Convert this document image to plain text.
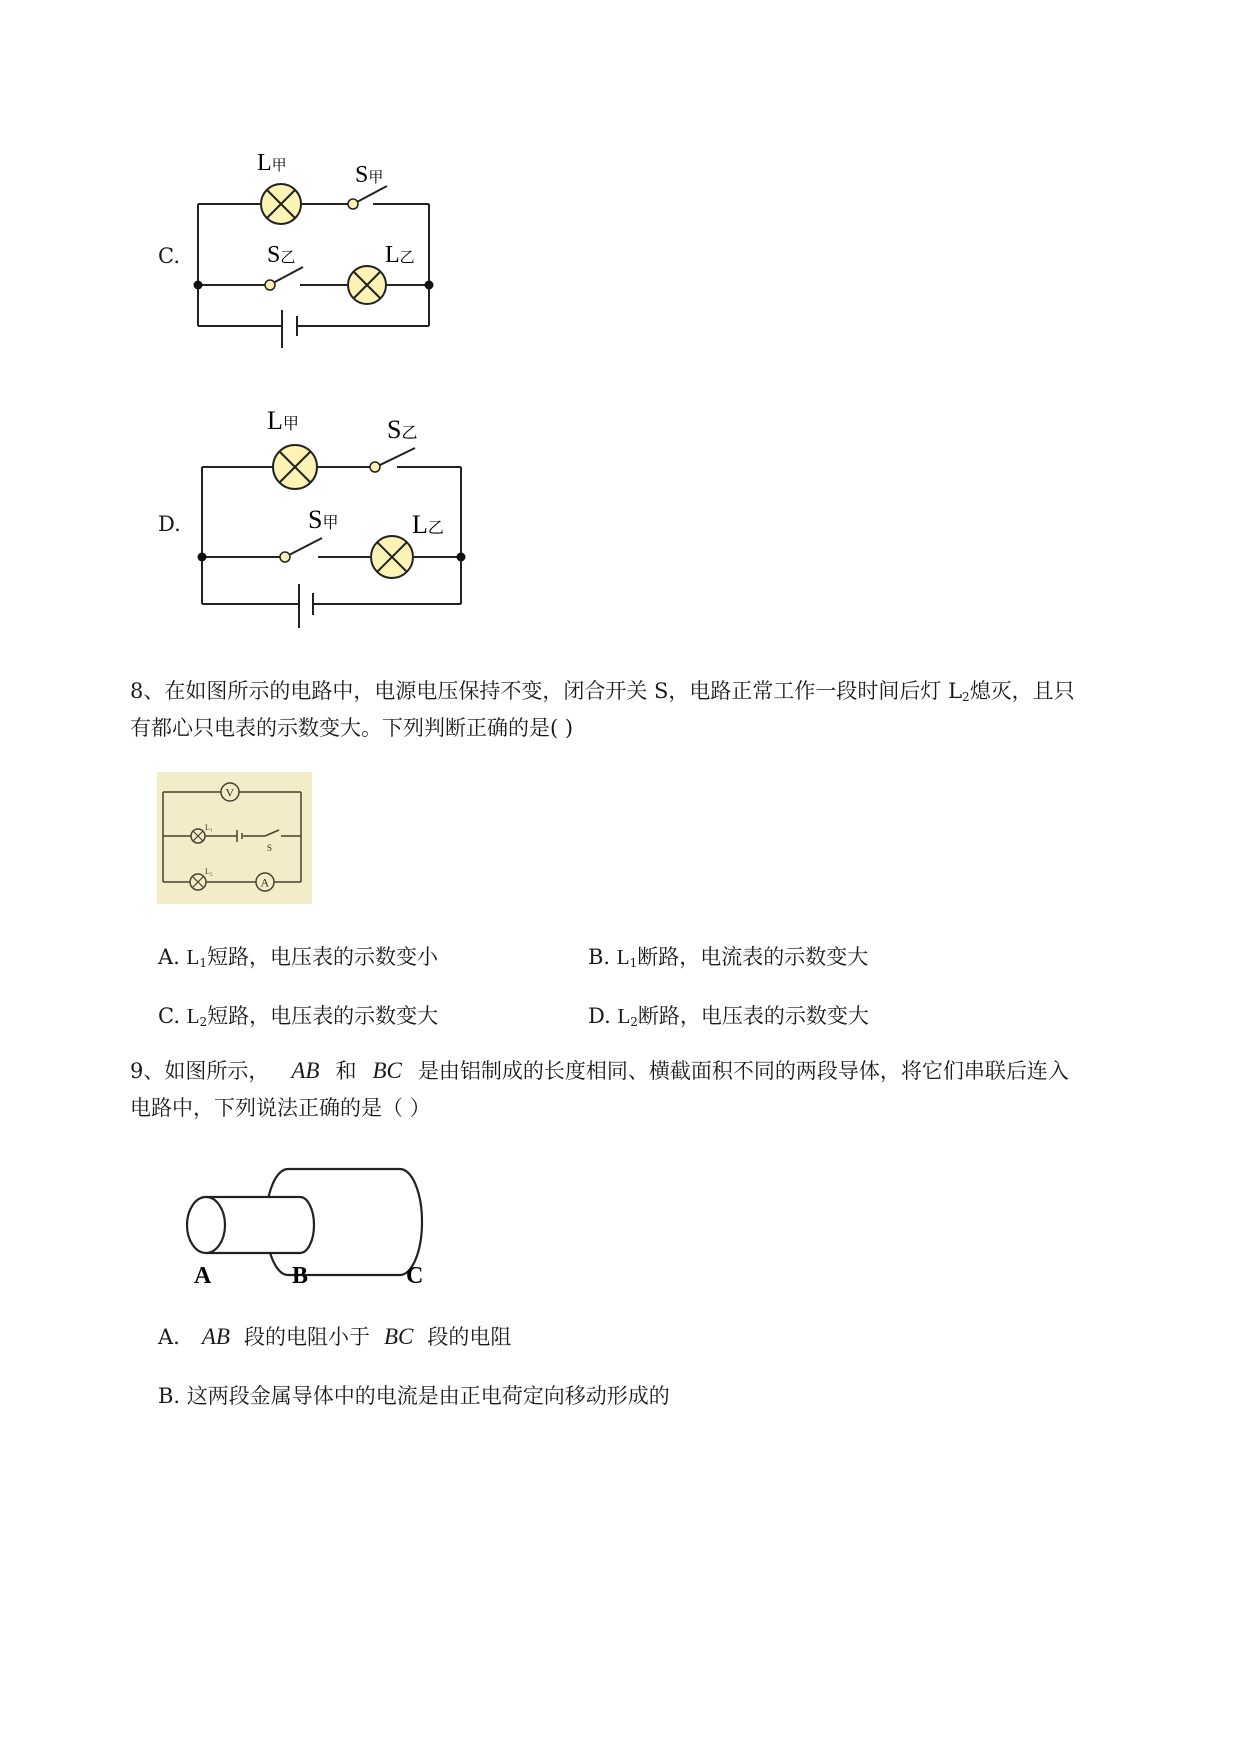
C.
L甲	S甲
S乙	L乙
D.
L甲	S乙
S甲	L乙
8、在如图所示的电路中，电源电压保持不变，闭合开关 S，电路正常工作一段时间后灯 $L_2$熄灭，且只
有都心只电表的示数变大。下列判断正确的是( )
V
L₁
S
L₂
A
A. $L_1$短路，电压表的示数变小	B. $L_1$断路，电流表的示数变大
C. $L_2$短路，电压表的示数变大	D. $L_2$断路，电压表的示数变大
9、如图所示， AB 和 BC 是由铝制成的长度相同、横截面积不同的两段导体，将它们串联后连入
电路中，下列说法正确的是（ ）
A	B	C
A. AB 段的电阻小于 BC 段的电阻
B. 这两段金属导体中的电流是由正电荷定向移动形成的
